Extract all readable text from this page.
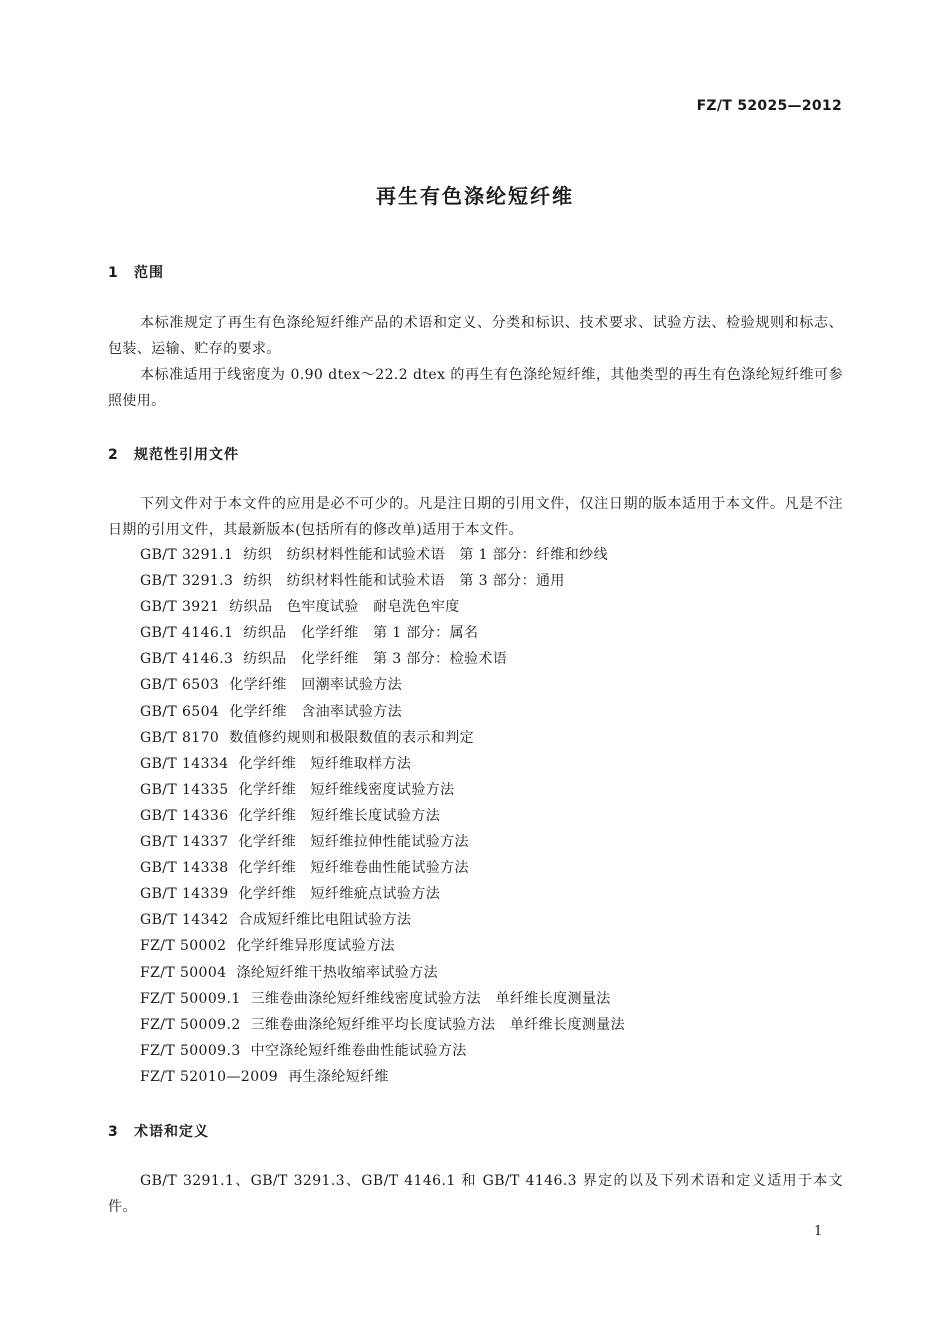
FZ/T 52025—2012
再生有色涤纶短纤维
1 范围
本标准规定了再生有色涤纶短纤维产品的术语和定义、分类和标识、技术要求、试验方法、检验规则和标志、包装、运输、贮存的要求。
本标准适用于线密度为 0.90 dtex～22.2 dtex 的再生有色涤纶短纤维，其他类型的再生有色涤纶短纤维可参照使用。
2 规范性引用文件
下列文件对于本文件的应用是必不可少的。凡是注日期的引用文件，仅注日期的版本适用于本文件。凡是不注日期的引用文件，其最新版本(包括所有的修改单)适用于本文件。
GB/T 3291.1 纺织　纺织材料性能和试验术语　第 1 部分：纤维和纱线
GB/T 3291.3 纺织　纺织材料性能和试验术语　第 3 部分：通用
GB/T 3921 纺织品　色牢度试验　耐皂洗色牢度
GB/T 4146.1 纺织品　化学纤维　第 1 部分：属名
GB/T 4146.3 纺织品　化学纤维　第 3 部分：检验术语
GB/T 6503 化学纤维　回潮率试验方法
GB/T 6504 化学纤维　含油率试验方法
GB/T 8170 数值修约规则和极限数值的表示和判定
GB/T 14334 化学纤维　短纤维取样方法
GB/T 14335 化学纤维　短纤维线密度试验方法
GB/T 14336 化学纤维　短纤维长度试验方法
GB/T 14337 化学纤维　短纤维拉伸性能试验方法
GB/T 14338 化学纤维　短纤维卷曲性能试验方法
GB/T 14339 化学纤维　短纤维疵点试验方法
GB/T 14342 合成短纤维比电阻试验方法
FZ/T 50002 化学纤维异形度试验方法
FZ/T 50004 涤纶短纤维干热收缩率试验方法
FZ/T 50009.1 三维卷曲涤纶短纤维线密度试验方法　单纤维长度测量法
FZ/T 50009.2 三维卷曲涤纶短纤维平均长度试验方法　单纤维长度测量法
FZ/T 50009.3 中空涤纶短纤维卷曲性能试验方法
FZ/T 52010—2009 再生涤纶短纤维
3 术语和定义
GB/T 3291.1、GB/T 3291.3、GB/T 4146.1 和 GB/T 4146.3 界定的以及下列术语和定义适用于本文件。
1
